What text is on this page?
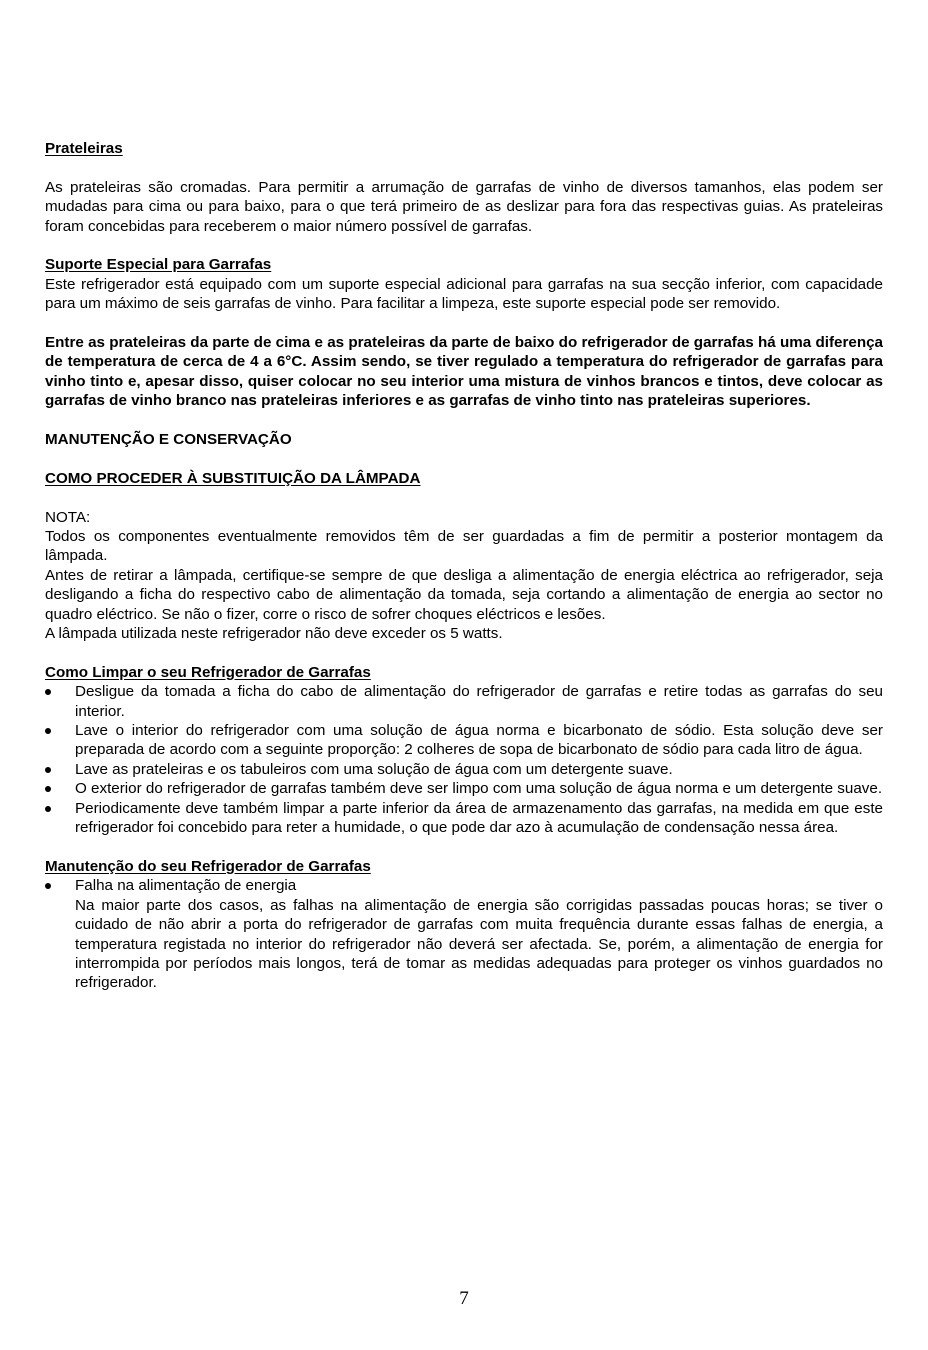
Prateleiras

As prateleiras são cromadas. Para permitir a arrumação de garrafas de vinho de diversos tamanhos, elas podem ser mudadas para cima ou para baixo, para o que terá primeiro de as deslizar para fora das respectivas guias. As prateleiras foram concebidas para receberem o maior número possível de garrafas.

Suporte Especial para Garrafas

Este refrigerador está equipado com um suporte especial adicional para garrafas na sua secção inferior, com capacidade para um máximo de seis garrafas de vinho. Para facilitar a limpeza, este suporte especial pode ser removido.

Entre as prateleiras da parte de cima e as prateleiras da parte de baixo do refrigerador de garrafas há uma diferença de temperatura de cerca de 4 a 6°C. Assim sendo, se tiver regulado a temperatura do refrigerador de garrafas para vinho tinto e, apesar disso, quiser colocar no seu interior uma mistura de vinhos brancos e tintos, deve colocar as garrafas de vinho branco nas prateleiras inferiores e as garrafas de vinho tinto nas prateleiras superiores.

MANUTENÇÃO E CONSERVAÇÃO
COMO PROCEDER À SUBSTITUIÇÃO DA LÂMPADA

NOTA:

Todos os componentes eventualmente removidos têm de ser guardadas a fim de permitir a posterior montagem da lâmpada.

Antes de retirar a lâmpada, certifique-se sempre de que desliga a alimentação de energia eléctrica ao refrigerador, seja desligando a ficha do respectivo cabo de alimentação da tomada, seja cortando a alimentação de energia ao sector no quadro eléctrico. Se não o fizer, corre o risco de sofrer choques eléctricos e lesões.

A lâmpada utilizada neste refrigerador não deve exceder os 5 watts.

Como Limpar o seu Refrigerador de Garrafas
Desligue da tomada a ficha do cabo de alimentação do refrigerador de garrafas e retire todas as garrafas do seu interior.
Lave o interior do refrigerador com uma solução de água norma e bicarbonato de sódio. Esta solução deve ser preparada de acordo com a seguinte proporção: 2 colheres de sopa de bicarbonato de sódio para cada litro de água.
Lave as prateleiras e os tabuleiros com uma solução de água com um detergente suave.
O exterior do refrigerador de garrafas também deve ser limpo com uma solução de água norma e um detergente suave.
Periodicamente deve também limpar a parte inferior da área de armazenamento das garrafas, na medida em que este refrigerador foi concebido para reter a humidade, o que pode dar azo à acumulação de condensação nessa área.
Manutenção do seu Refrigerador de Garrafas
Falha na alimentação de energia
Na maior parte dos casos, as falhas na alimentação de energia são corrigidas passadas poucas horas; se tiver o cuidado de não abrir a porta do refrigerador de garrafas com muita frequência durante essas falhas de energia, a temperatura registada no interior do refrigerador não deverá ser afectada. Se, porém, a alimentação de energia for interrompida por períodos mais longos, terá de tomar as medidas adequadas para proteger os vinhos guardados no refrigerador.
7
